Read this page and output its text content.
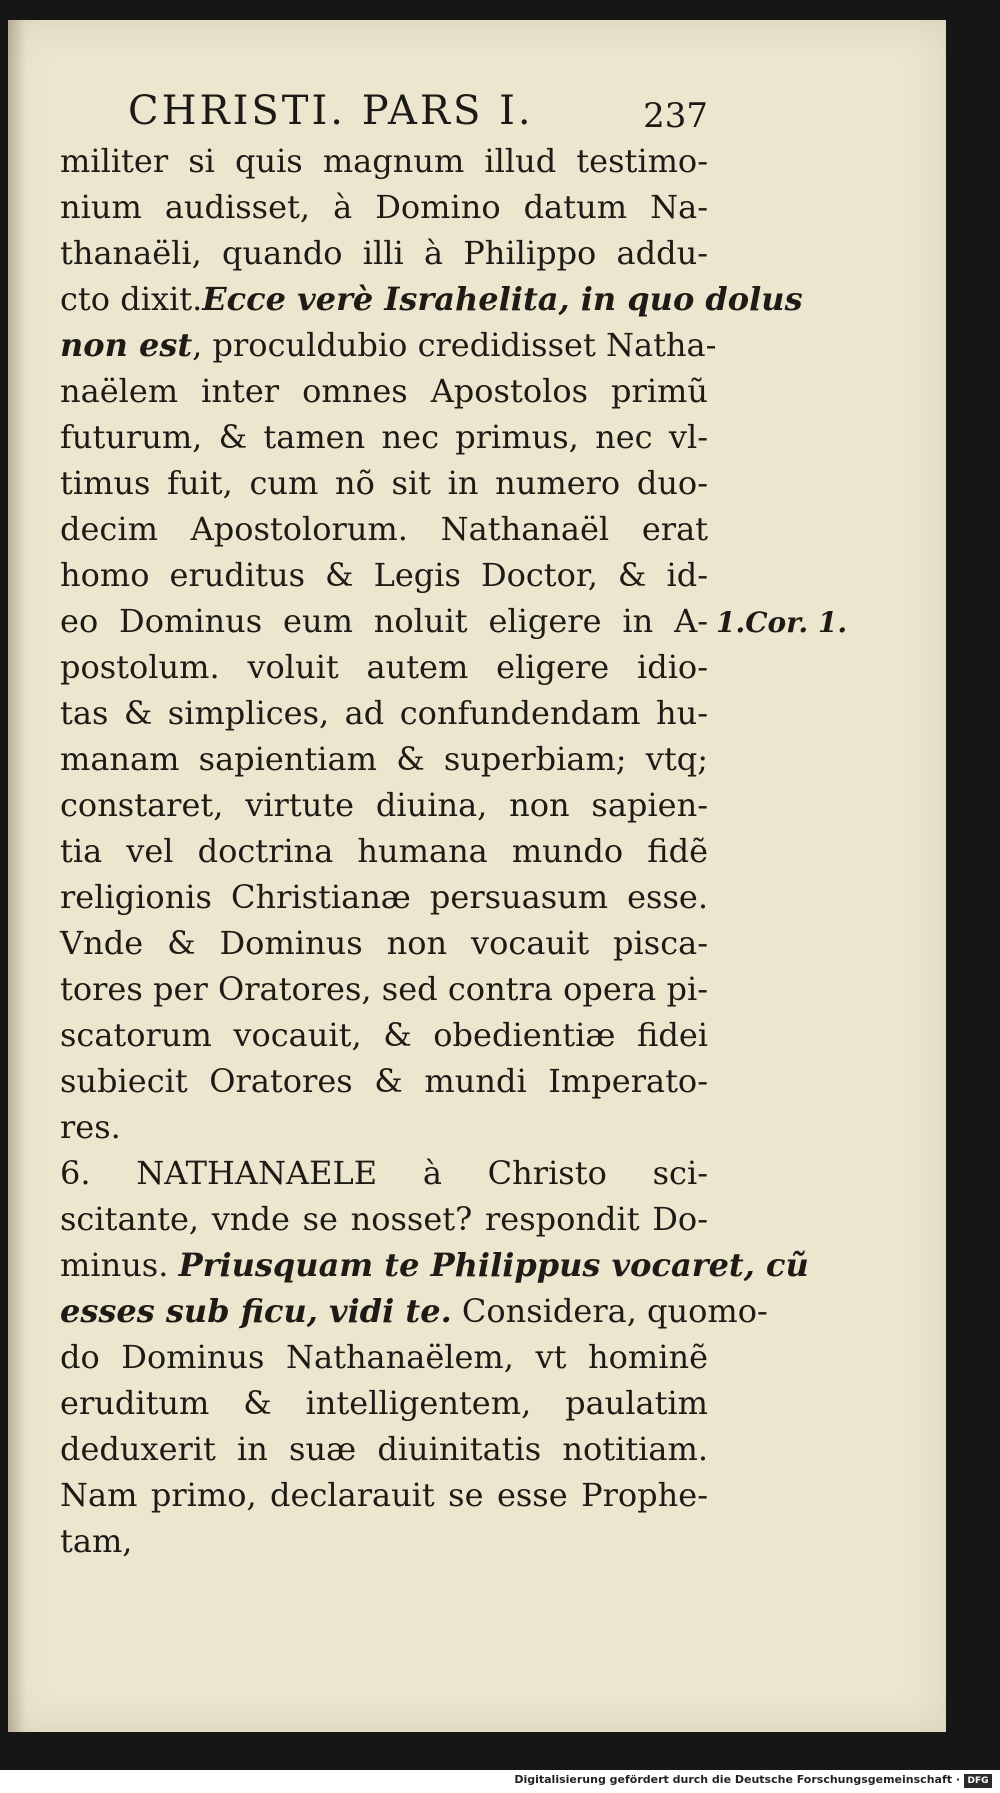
CHRISTI. PARS I.	237
militer si quis magnum illud testimo-
nium audisset, à Domino datum Na-
thanaëli, quando illi à Philippo addu-
cto dixit.Ecce verè Israhelita, in quo dolus
non est, proculdubio credidisset Natha-
naëlem inter omnes Apostolos primũ
futurum, & tamen nec primus, nec vl-
timus fuit, cum nõ sit in numero duo-
decim Apostolorum. Nathanaël erat
homo eruditus & Legis Doctor, & id-
eo Dominus eum noluit eligere in A-
postolum. voluit autem eligere idio-
tas & simplices, ad confundendam hu-
manam sapientiam & superbiam; vtq;
constaret, virtute diuina, non sapien-
tia vel doctrina humana mundo fidẽ
religionis Christianæ persuasum esse.
Vnde & Dominus non vocauit pisca-
tores per Oratores, sed contra opera pi-
scatorum vocauit, & obedientiæ fidei
subiecit Oratores & mundi Imperato-
res.
6. NATHANAELE à Christo sci-
scitante, vnde se nosset? respondit Do-
minus. Priusquam te Philippus vocaret, cũ
esses sub ficu, vidi te. Considera, quomo-
do Dominus Nathanaëlem, vt hominẽ
eruditum & intelligentem, paulatim
deduxerit in suæ diuinitatis notitiam.
Nam primo, declarauit se esse Prophe-
tam,
1.Cor. 1.
Digitalisierung gefördert durch die Deutsche Forschungsgemeinschaft · DFG
